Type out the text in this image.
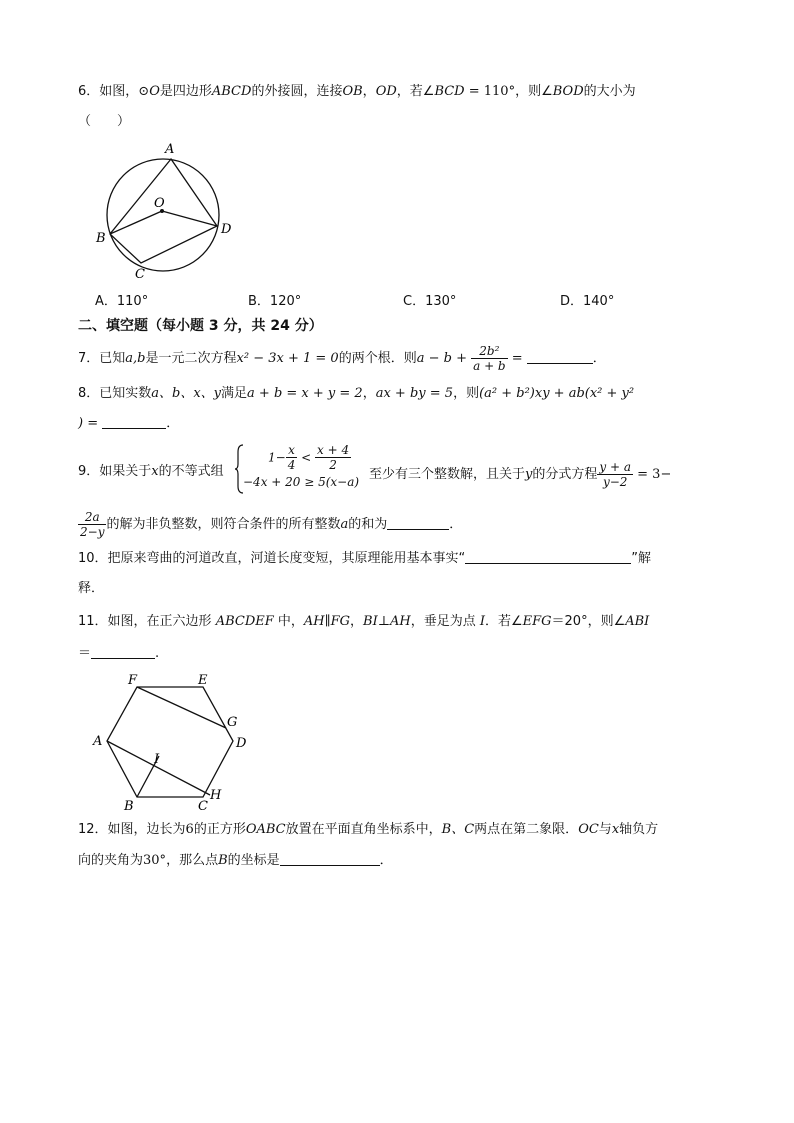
6．如图，⊙O是四边形ABCD的外接圆，连接OB，OD，若∠BCD = 110°，则∠BOD的大小为
（　　）
A
O
B
D
C
A．110°	B．120°	C．130°	D．140°
二、填空题（每小题 3 分，共 24 分）
7．已知a,b是一元二次方程x² − 3x + 1 = 0的两个根．则$a - b + \frac{\text{2b²}}{a + b}$ =	．
8．已知实数a、b、x、y满足a + b = x + y = 2，ax + by = 5，则(a² + b²)xy + ab(x² + y²
) =	．
9．如果关于x的不等式组
$1- \frac{x}{4} < \frac{x + 4}{2}$
−4x + 20 ≥ 5(x−a) 至少有三个整数解，且关于y的分式方程 $\frac{y + a}{y-2} = 3-$
$\frac{2a}{2-y}$ 的解为非负整数，则符合条件的所有整数a的和为	．
10．把原来弯曲的河道改直，河道长度变短，其原理能用基本事实“	”解
释．
11．如图，在正六边形 ABCDEF 中，AH∥FG，BI⊥AH，垂足为点 I．若∠EFG＝20°，则∠ABI
＝	.
F	E
G
D
A
I
H
B	C
12．如图，边长为6的正方形OABC放置在平面直角坐标系中，B、C两点在第二象限．OC与x轴负方
向的夹角为30°，那么点B的坐标是	．
